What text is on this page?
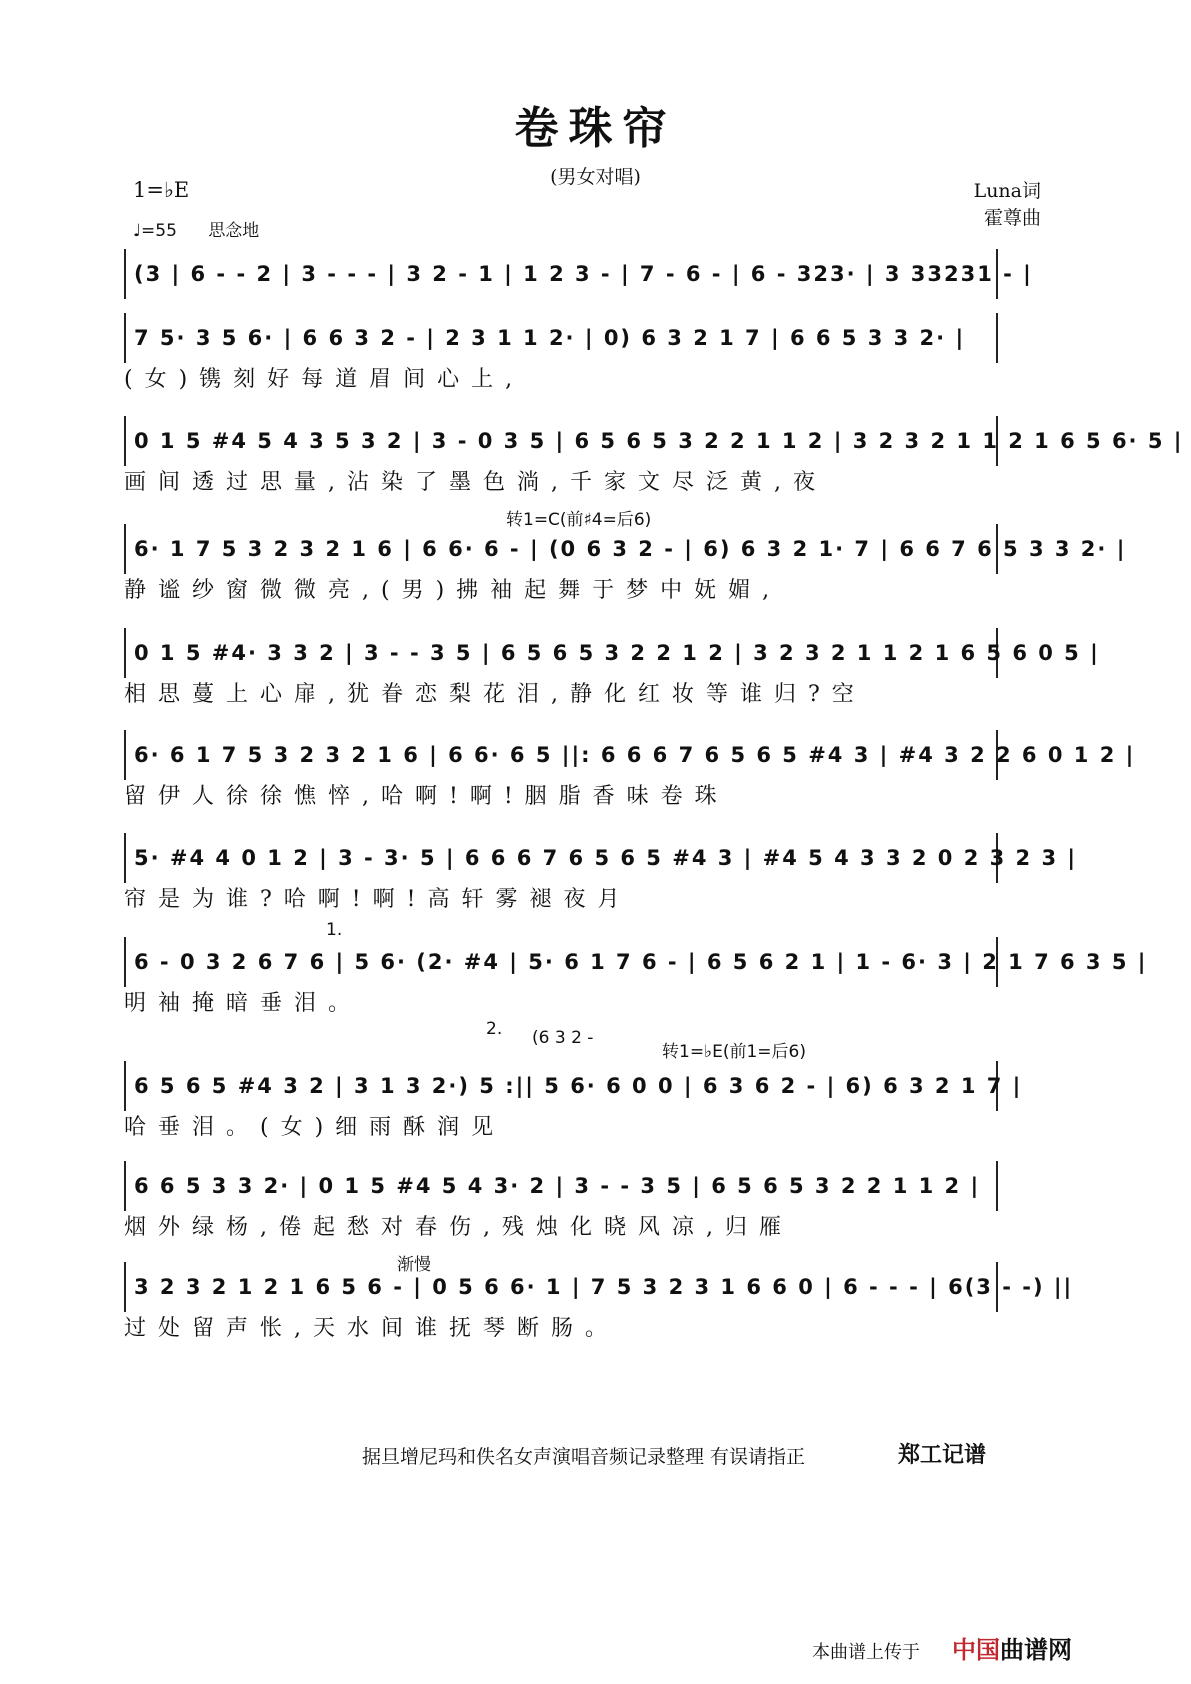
卷珠帘
(男女对唱)
1=♭E
♩=55 思念地
Luna词
霍尊曲
(3 | 6 - - 2 | 3 - - - | 3 2 - 1 | 1 2 3 - | 7 - 6 - | 6 - 323· | 3 33231 - |
7 5· 3 5 6· | 6 6 3 2 - | 2 3 1 1 2· | 0) 6 3 2 1 7 | 6 6 5 3 3 2· |
(女)镌刻好每道眉间心上,
0 1 5 #4 5 4 3 5 3 2 | 3 - 0 3 5 | 6 5 6 5 3 2 2 1 1 2 | 3 2 3 2 1 1 2 1 6 5 6· 5 |
画间透过思量,沾染了墨色淌,千家文尽泛黄,夜
转1=C(前♯4=后6)
6· 1 7 5 3 2 3 2 1 6 | 6 6· 6 - | (0 6 3 2 - | 6) 6 3 2 1· 7 | 6 6 7 6 5 3 3 2· |
静谧纱窗微微亮,(男)拂袖起舞于梦中妩媚,
0 1 5 #4· 3 3 2 | 3 - - 3 5 | 6 5 6 5 3 2 2 1 2 | 3 2 3 2 1 1 2 1 6 5 6 0 5 |
相思蔓上心扉,犹眷恋梨花泪,静化红妆等谁归?空
6· 6 1 7 5 3 2 3 2 1 6 | 6 6· 6 5 ||: 6 6 6 7 6 5 6 5 #4 3 | #4 3 2 2 6 0 1 2 |
留伊人徐徐憔悴,哈啊!啊!胭脂香味卷珠
5· #4 4 0 1 2 | 3 - 3· 5 | 6 6 6 7 6 5 6 5 #4 3 | #4 5 4 3 3 2 0 2 3 2 3 |
帘是为谁?哈啊!啊!高轩雾褪夜月
1.
6 - 0 3 2 6 7 6 | 5 6· (2· #4 | 5· 6 1 7 6 - | 6 5 6 2 1 | 1 - 6· 3 | 2 1 7 6 3 5 |
明袖掩暗垂泪。
2. (6 3 2 -
转1=♭E(前1=后6)
6 5 6 5 #4 3 2 | 3 1 3 2·) 5 :|| 5 6· 6 0 0 | 6 3 6 2 - | 6) 6 3 2 1 7 |
哈垂泪。(女)细雨酥润见
6 6 5 3 3 2· | 0 1 5 #4 5 4 3· 2 | 3 - - 3 5 | 6 5 6 5 3 2 2 1 1 2 |
烟外绿杨,倦起愁对春伤,残烛化晓风凉,归雁
渐慢
3 2 3 2 1 2 1 6 5 6 - | 0 5 6 6· 1 | 7 5 3 2 3 1 6 6 0 | 6 - - - | 6(3 - -) ||
过处留声怅,天水间谁抚琴断肠。
据旦增尼玛和佚名女声演唱音频记录整理 有误请指正	郑工记谱
本曲谱上传于 中国曲谱网
